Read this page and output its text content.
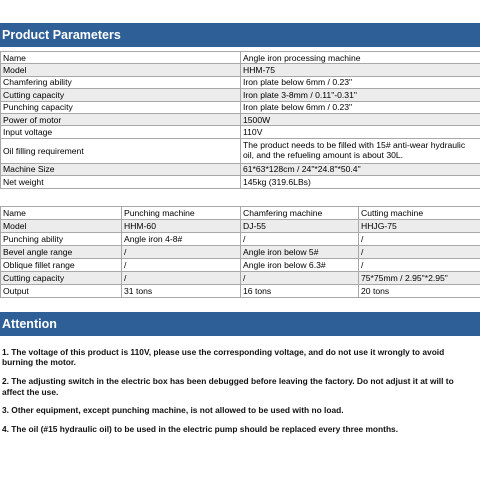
Product Parameters
Name	Angle iron processing machine
Model	HHM-75
Chamfering ability	Iron plate below 6mm / 0.23"
Cutting capacity	Iron plate 3-8mm / 0.11"-0.31"
Punching capacity	Iron plate below 6mm / 0.23"
Power of motor	1500W
Input voltage	110V
Oil filling requirement	The product needs to be filled with 15# anti-wear hydraulic oil, and the refueling amount is about 30L.
Machine Size	61*63*128cm / 24"*24.8"*50.4"
Net weight	145kg (319.6LBs)
Name	Punching machine	Chamfering machine	Cutting machine
Model	HHM-60	DJ-55	HHJG-75
Punching ability	Angle iron 4-8#	/	/
Bevel angle range	/	Angle iron below 5#	/
Oblique fillet range	/	Angle iron below 6.3#	/
Cutting capacity	/	/	75*75mm / 2.95"*2.95"
Output	31 tons	16 tons	20 tons
Attention

1. The voltage of this product is 110V, please use the corresponding voltage, and do not use it wrongly to avoid burning the motor.

2. The adjusting switch in the electric box has been debugged before leaving the factory. Do not adjust it at will to affect the use.

3. Other equipment, except punching machine, is not allowed to be used with no load.

4. The oil (#15 hydraulic oil) to be used in the electric pump should be replaced every three months.
